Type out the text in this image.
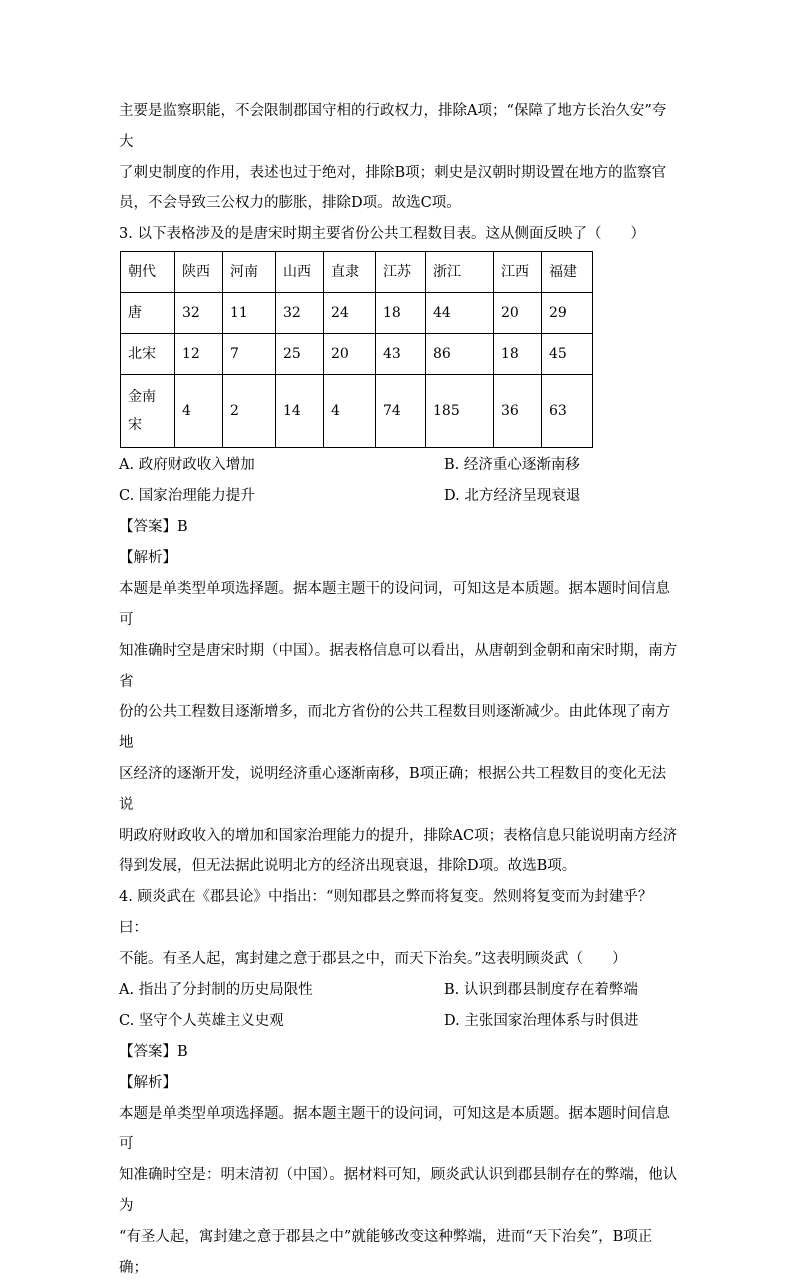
主要是监察职能，不会限制郡国守相的行政权力，排除A项；“保障了地方长治久安”夸大

了刺史制度的作用，表述也过于绝对，排除B项；刺史是汉朝时期设置在地方的监察官

员，不会导致三公权力的膨胀，排除D项。故选C项。

3. 以下表格涉及的是唐宋时期主要省份公共工程数目表。这从侧面反映了（　　）

朝代	陕西	河南	山西	直隶	江苏	浙江	江西	福建
唐	32	11	32	24	18	44	20	29
北宋	12	7	25	20	43	86	18	45
金南宋	4	2	14	4	74	185	36	63
A. 政府财政收入增加	B. 经济重心逐渐南移
C. 国家治理能力提升	D. 北方经济呈现衰退

【答案】B

【解析】

本题是单类型单项选择题。据本题主题干的设问词，可知这是本质题。据本题时间信息可

知准确时空是唐宋时期（中国）。据表格信息可以看出，从唐朝到金朝和南宋时期，南方省

份的公共工程数目逐渐增多，而北方省份的公共工程数目则逐渐减少。由此体现了南方地

区经济的逐渐开发，说明经济重心逐渐南移，B项正确；根据公共工程数目的变化无法说

明政府财政收入的增加和国家治理能力的提升，排除AC项；表格信息只能说明南方经济

得到发展，但无法据此说明北方的经济出现衰退，排除D项。故选B项。

4. 顾炎武在《郡县论》中指出：“则知郡县之弊而将复变。然则将复变而为封建乎？曰：

不能。有圣人起，寓封建之意于郡县之中，而天下治矣。”这表明顾炎武（　　）

A. 指出了分封制的历史局限性	B. 认识到郡县制度存在着弊端
C. 坚守个人英雄主义史观	D. 主张国家治理体系与时俱进

【答案】B

【解析】

本题是单类型单项选择题。据本题主题干的设问词，可知这是本质题。据本题时间信息可

知准确时空是：明末清初（中国）。据材料可知，顾炎武认识到郡县制存在的弊端，他认为

“有圣人起，寓封建之意于郡县之中”就能够改变这种弊端，进而“天下治矣”，B项正确；
